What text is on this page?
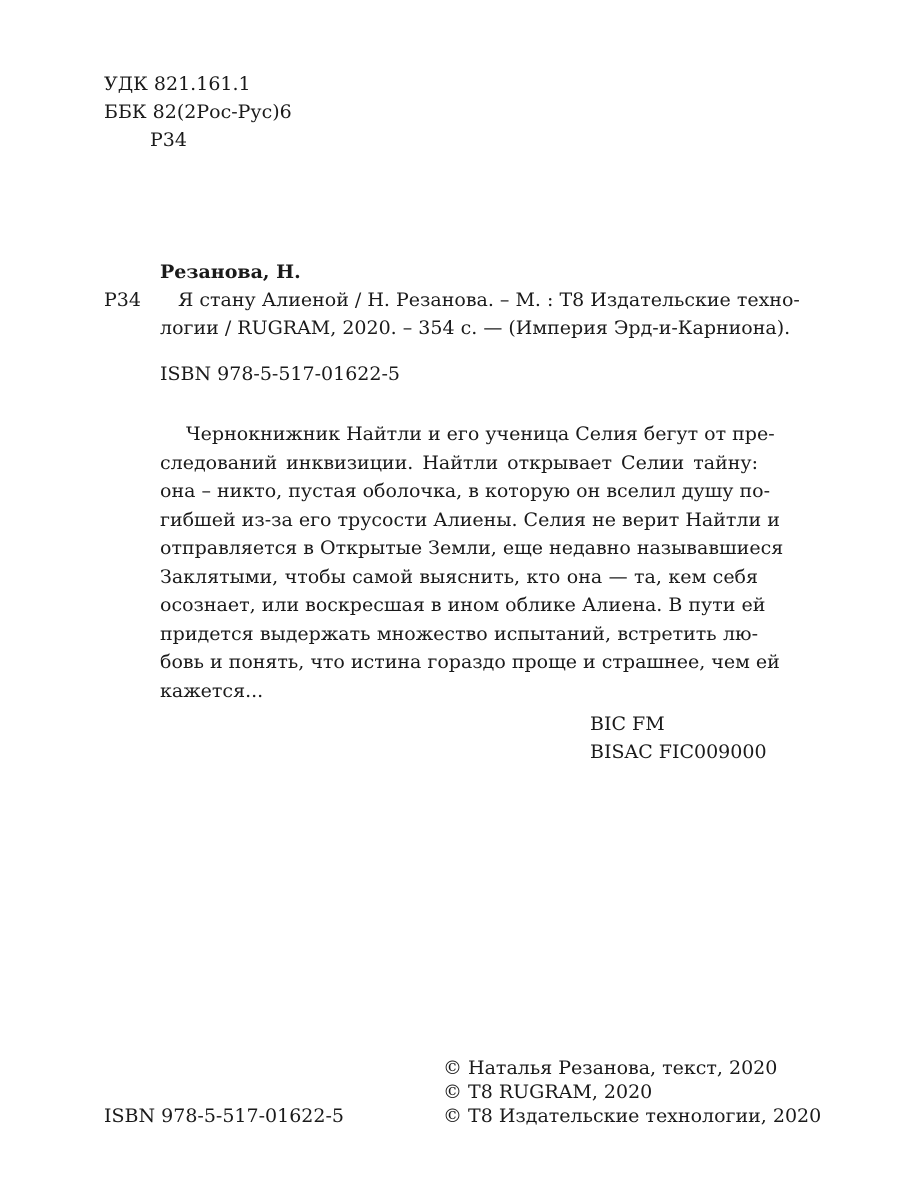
УДК 821.161.1
ББК 82(2Рос-Рус)6
Р34
Резанова, Н.
Р34	Я стану Алиеной / Н. Резанова. – М. : Т8 Издательские техно-
логии / RUGRAM, 2020. – 354 с. — (Империя Эрд-и-Карниона).
ISBN 978-5-517-01622-5
Чернокнижник Найтли и его ученица Селия бегут от пре-
следований инквизиции. Найтли открывает Селии тайну:
она – никто, пустая оболочка, в которую он вселил душу по-
гибшей из-за его трусости Алиены. Селия не верит Найтли и
отправляется в Открытые Земли, еще недавно называвшиеся
Заклятыми, чтобы самой выяснить, кто она — та, кем себя
осознает, или воскресшая в ином облике Алиена. В пути ей
придется выдержать множество испытаний, встретить лю-
бовь и понять, что истина гораздо проще и страшнее, чем ей
кажется...
BIC FM
BISAC FIC009000
© Наталья Резанова, текст, 2020
© Т8 RUGRAM, 2020
© Т8 Издательские технологии, 2020
ISBN 978-5-517-01622-5
